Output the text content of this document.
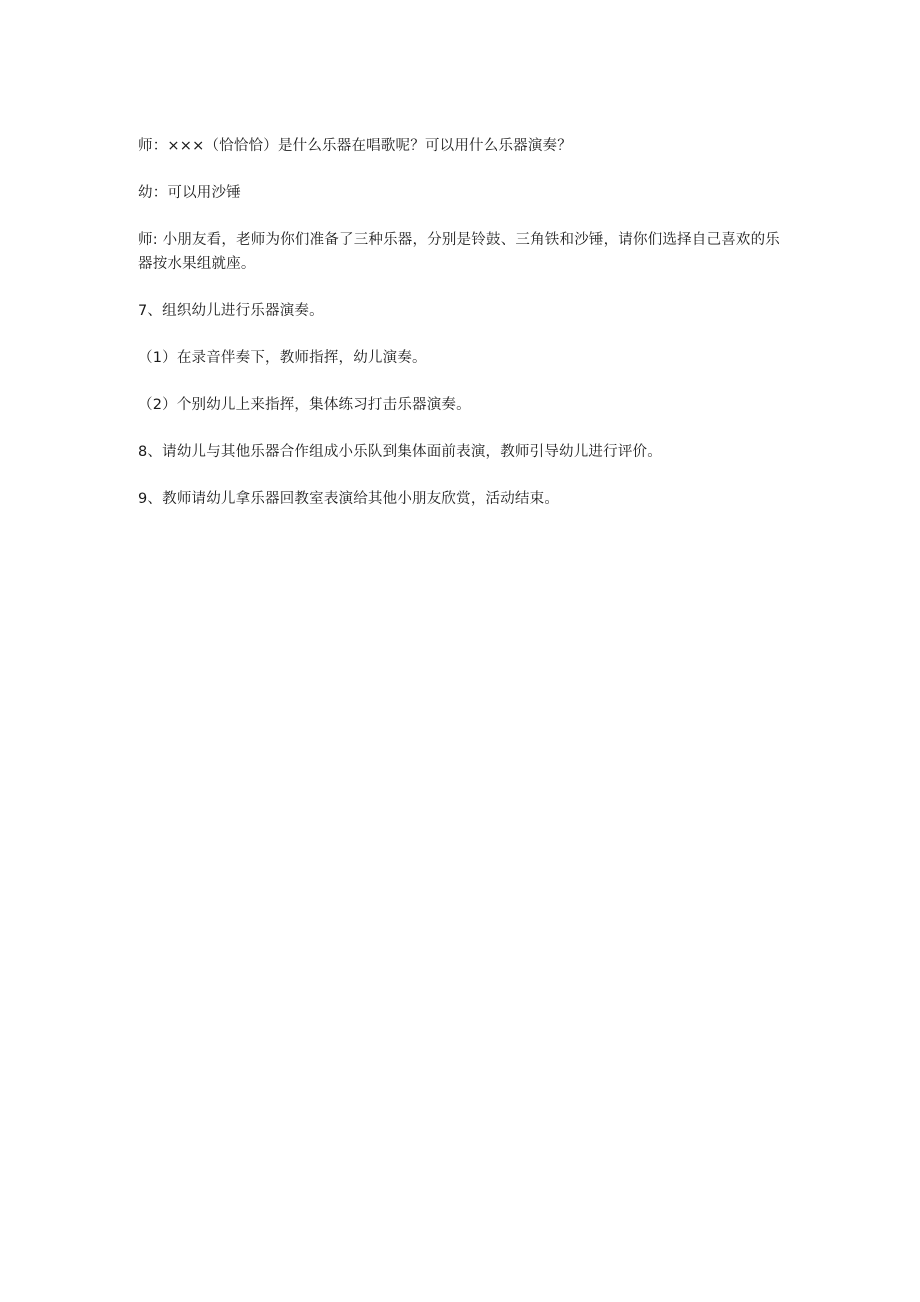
师：×××（恰恰恰）是什么乐器在唱歌呢？可以用什么乐器演奏？

幼：可以用沙锤

师: 小朋友看，老师为你们准备了三种乐器，分别是铃鼓、三角铁和沙锤，请你们选择自己喜欢的乐器按水果组就座。

7、组织幼儿进行乐器演奏。

（1）在录音伴奏下，教师指挥，幼儿演奏。

（2）个别幼儿上来指挥，集体练习打击乐器演奏。

8、请幼儿与其他乐器合作组成小乐队到集体面前表演，教师引导幼儿进行评价。

9、教师请幼儿拿乐器回教室表演给其他小朋友欣赏，活动结束。
